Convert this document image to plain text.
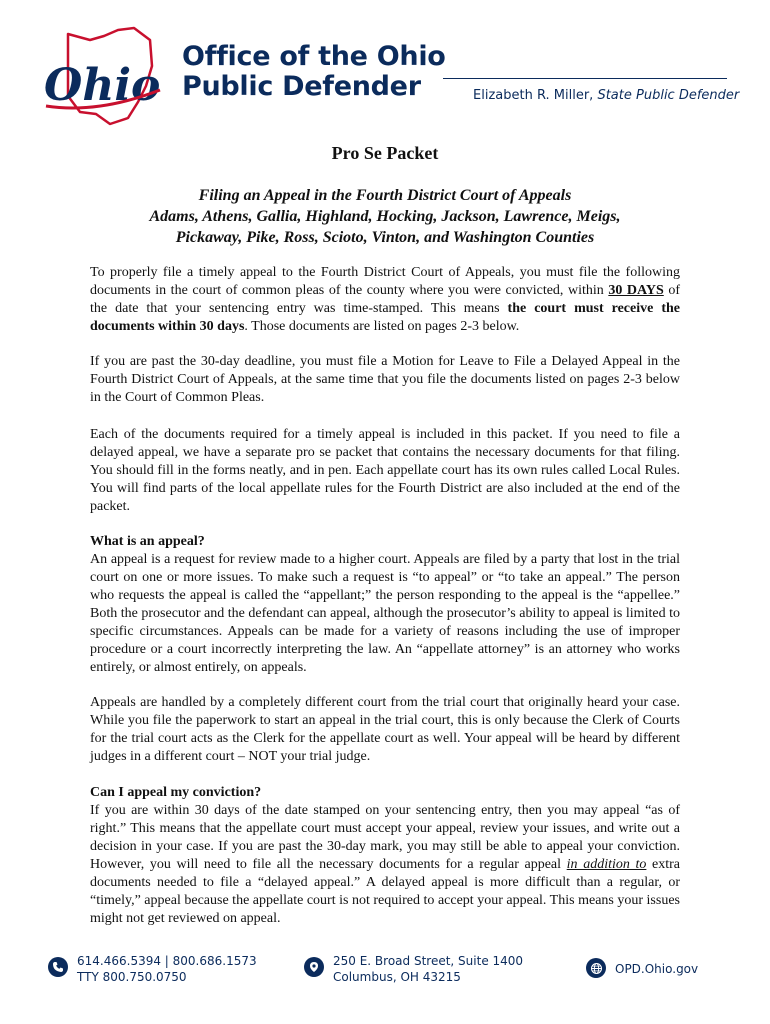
Ohio
Office of the Ohio
Public Defender	Elizabeth R. Miller, State Public Defender
Pro Se Packet
Filing an Appeal in the Fourth District Court of Appeals
Adams, Athens, Gallia, Highland, Hocking, Jackson, Lawrence, Meigs,
Pickaway, Pike, Ross, Scioto, Vinton, and Washington Counties

To properly file a timely appeal to the Fourth District Court of Appeals, you must file the following documents in the court of common pleas of the county where you were convicted, within 30 DAYS of the date that your sentencing entry was time-stamped. This means the court must receive the documents within 30 days. Those documents are listed on pages 2-3 below.

If you are past the 30-day deadline, you must file a Motion for Leave to File a Delayed Appeal in the Fourth District Court of Appeals, at the same time that you file the documents listed on pages 2-3 below in the Court of Common Pleas.

Each of the documents required for a timely appeal is included in this packet. If you need to file a delayed appeal, we have a separate pro se packet that contains the necessary documents for that filing. You should fill in the forms neatly, and in pen. Each appellate court has its own rules called Local Rules. You will find parts of the local appellate rules for the Fourth District are also included at the end of the packet.

What is an appeal?
An appeal is a request for review made to a higher court. Appeals are filed by a party that lost in the trial court on one or more issues. To make such a request is “to appeal” or “to take an appeal.” The person who requests the appeal is called the “appellant;” the person responding to the appeal is the “appellee.” Both the prosecutor and the defendant can appeal, although the prosecutor’s ability to appeal is limited to specific circumstances. Appeals can be made for a variety of reasons including the use of improper procedure or a court incorrectly interpreting the law. An “appellate attorney” is an attorney who works entirely, or almost entirely, on appeals.

Appeals are handled by a completely different court from the trial court that originally heard your case. While you file the paperwork to start an appeal in the trial court, this is only because the Clerk of Courts for the trial court acts as the Clerk for the appellate court as well. Your appeal will be heard by different judges in a different court – NOT your trial judge.

Can I appeal my conviction?
If you are within 30 days of the date stamped on your sentencing entry, then you may appeal “as of right.” This means that the appellate court must accept your appeal, review your issues, and write out a decision in your case. If you are past the 30-day mark, you may still be able to appeal your conviction. However, you will need to file all the necessary documents for a regular appeal in addition to extra documents needed to file a “delayed appeal.” A delayed appeal is more difficult than a regular, or “timely,” appeal because the appellate court is not required to accept your appeal. This means your issues might not get reviewed on appeal.
614.466.5394 | 800.686.1573
TTY 800.750.0750
250 E. Broad Street, Suite 1400
Columbus, OH 43215
OPD.Ohio.gov
